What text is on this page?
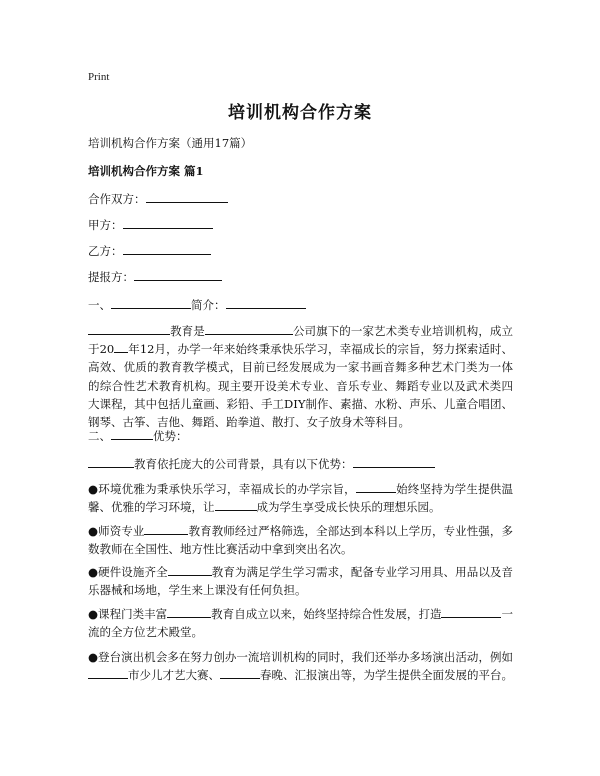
Print
培训机构合作方案
培训机构合作方案（通用17篇）
培训机构合作方案 篇1
合作双方：
甲方：
乙方：
提报方：
一、	简介：
教育是	公司旗下的一家艺术类专业培训机构，成立于20 年12月，办学一年来始终秉承快乐学习，幸福成长的宗旨，努力探索适时、高效、优质的教育教学模式，目前已经发展成为一家书画音舞多种艺术门类为一体的综合性艺术教育机构。现主要开设美术专业、音乐专业、舞蹈专业以及武术类四大课程，其中包括儿童画、彩铅、手工DIY制作、素描、水粉、声乐、儿童合唱团、钢琴、古筝、吉他、舞蹈、跆拳道、散打、女子放身术等科目。
二、	优势：
教育依托庞大的公司背景，具有以下优势：
●环境优雅为秉承快乐学习，幸福成长的办学宗旨，	始终坚持为学生提供温馨、优雅的学习环境，让	成为学生享受成长快乐的理想乐园。
●师资专业	教育教师经过严格筛选，全部达到本科以上学历，专业性强，多数教师在全国性、地方性比赛活动中拿到突出名次。
●硬件设施齐全	教育为满足学生学习需求，配备专业学习用具、用品以及音乐器械和场地，学生来上课没有任何负担。
●课程门类丰富	教育自成立以来，始终坚持综合性发展，打造	一流的全方位艺术殿堂。
●登台演出机会多在努力创办一流培训机构的同时，我们还举办多场演出活动，例如市少儿才艺大赛、	春晚、汇报演出等，为学生提供全面发展的平台。
